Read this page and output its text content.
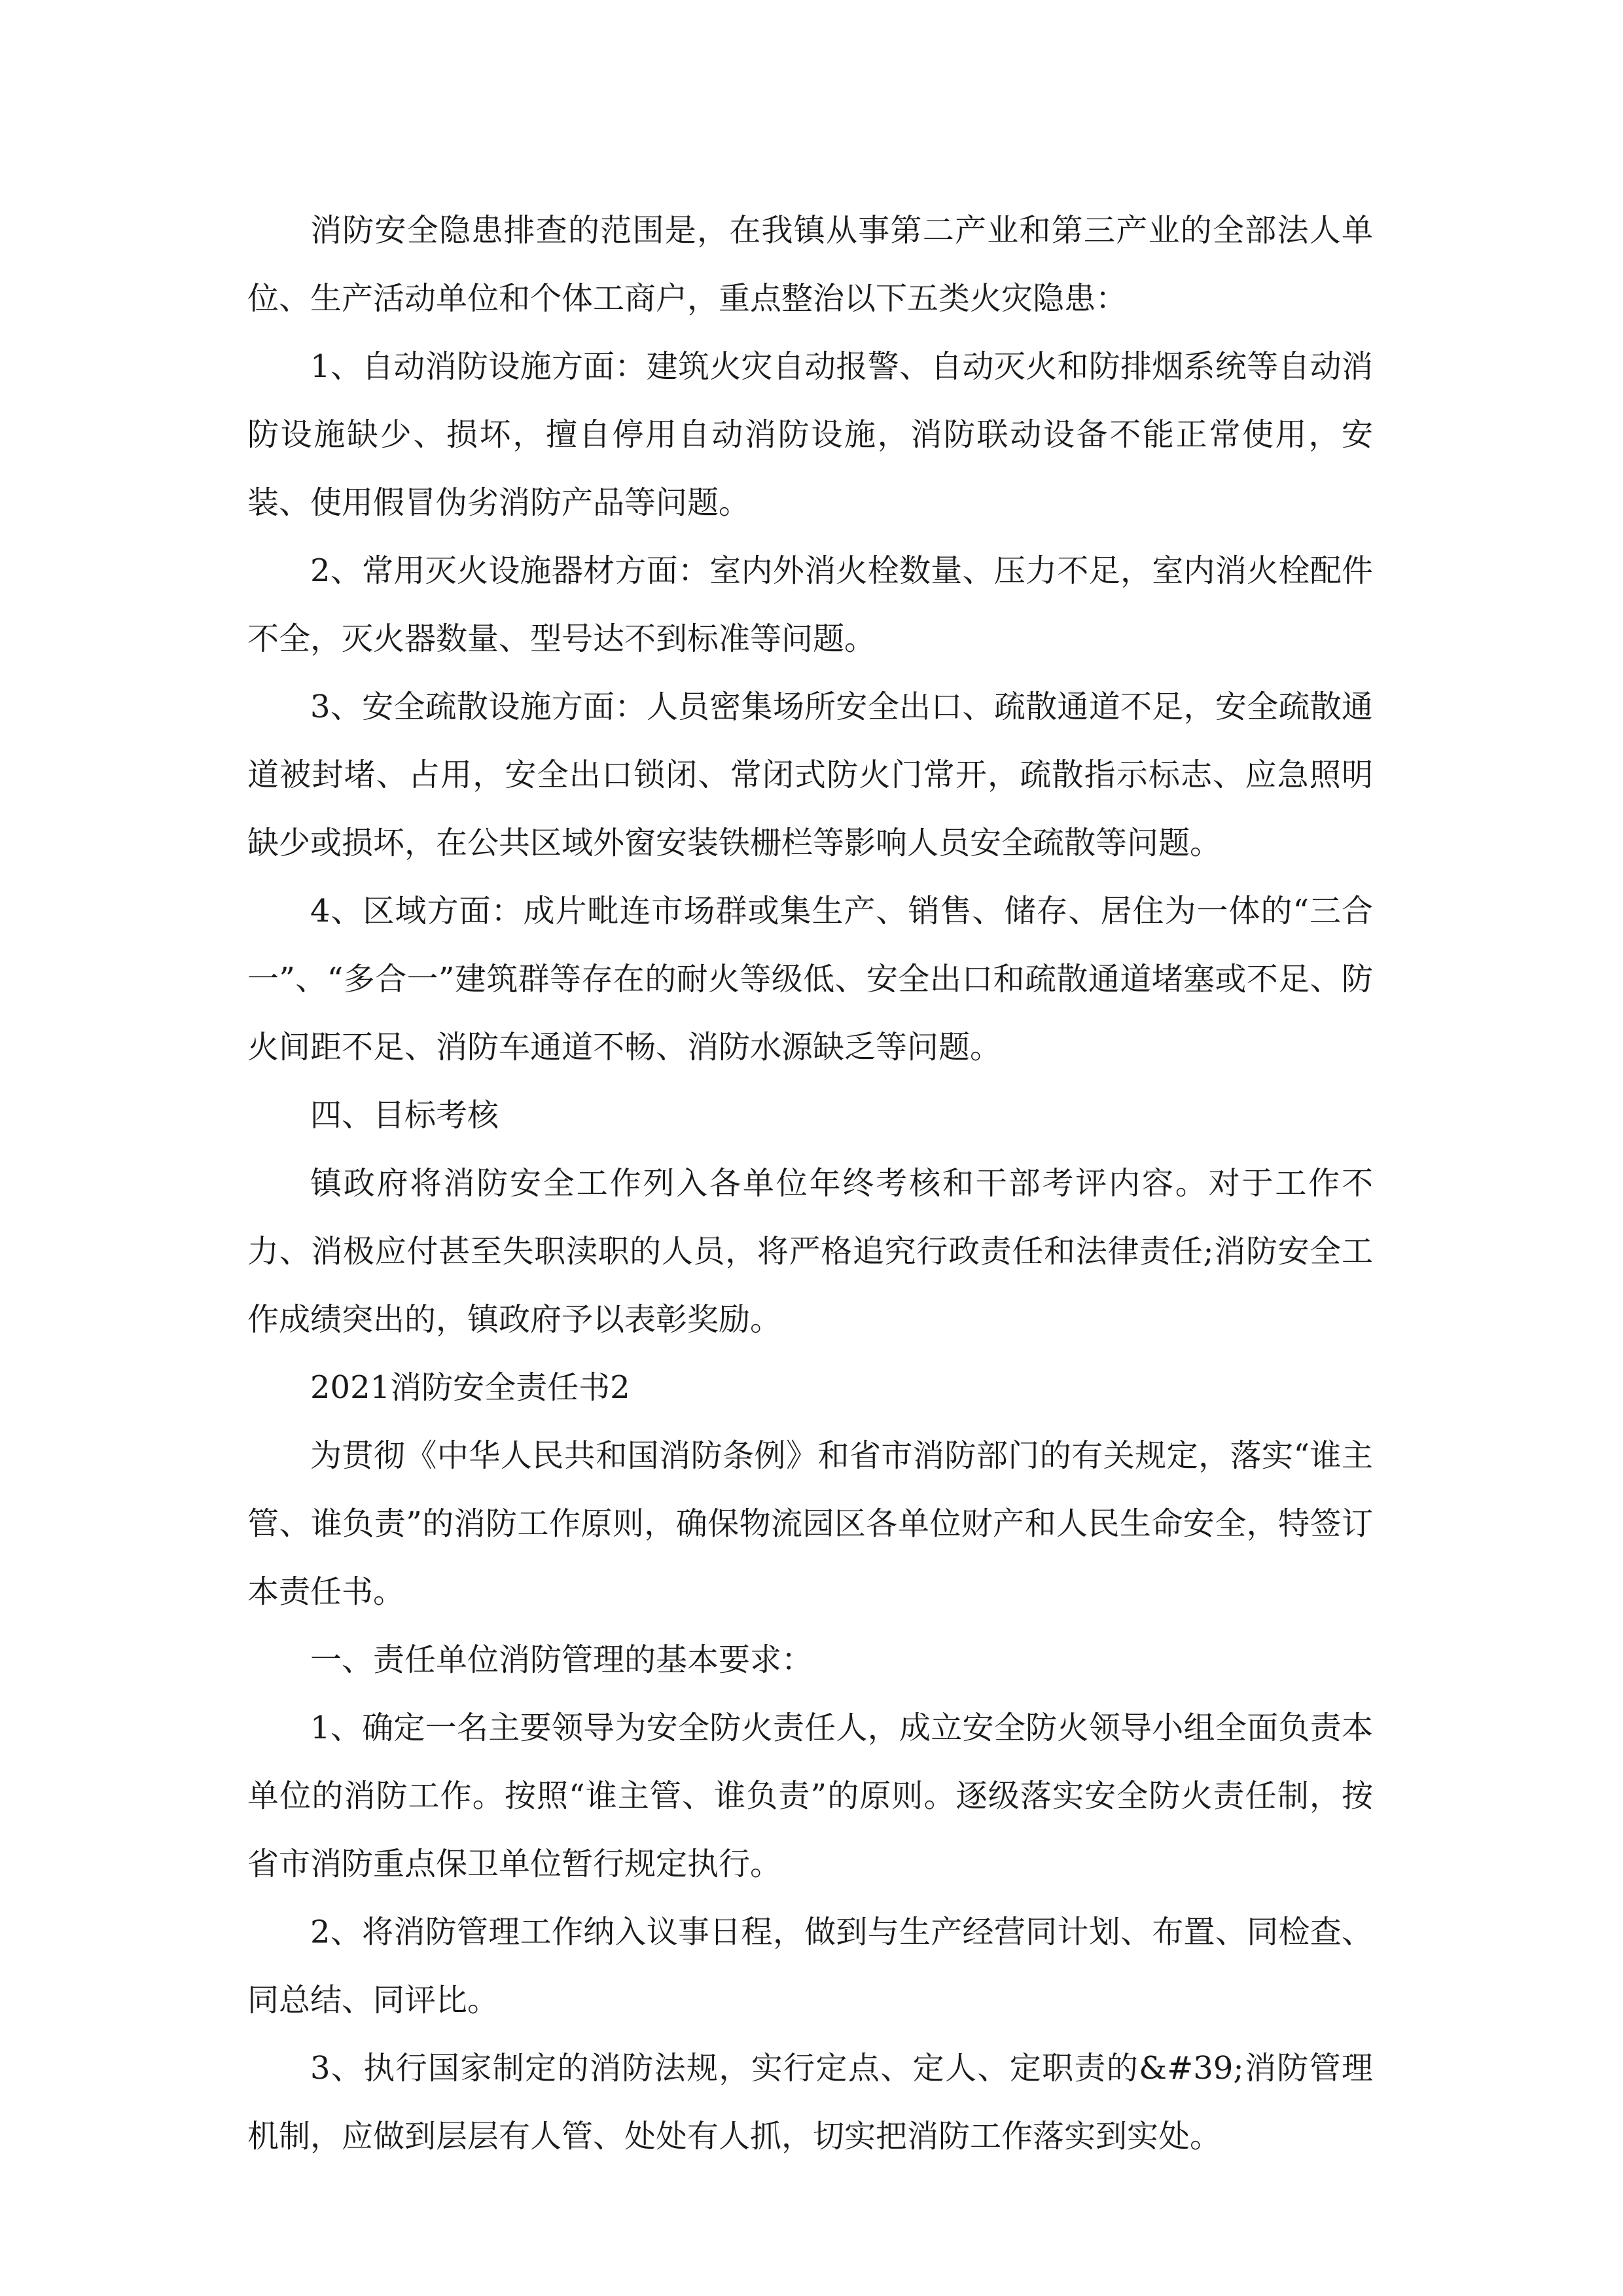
消防安全隐患排查的范围是，在我镇从事第二产业和第三产业的全部法人单位、生产活动单位和个体工商户，重点整治以下五类火灾隐患：

1、自动消防设施方面：建筑火灾自动报警、自动灭火和防排烟系统等自动消防设施缺少、损坏，擅自停用自动消防设施，消防联动设备不能正常使用，安装、使用假冒伪劣消防产品等问题。

2、常用灭火设施器材方面：室内外消火栓数量、压力不足，室内消火栓配件不全，灭火器数量、型号达不到标准等问题。

3、安全疏散设施方面：人员密集场所安全出口、疏散通道不足，安全疏散通道被封堵、占用，安全出口锁闭、常闭式防火门常开，疏散指示标志、应急照明缺少或损坏，在公共区域外窗安装铁栅栏等影响人员安全疏散等问题。

4、区域方面：成片毗连市场群或集生产、销售、储存、居住为一体的“三合一”、“多合一”建筑群等存在的耐火等级低、安全出口和疏散通道堵塞或不足、防火间距不足、消防车通道不畅、消防水源缺乏等问题。

四、目标考核

镇政府将消防安全工作列入各单位年终考核和干部考评内容。对于工作不力、消极应付甚至失职渎职的人员，将严格追究行政责任和法律责任;消防安全工作成绩突出的，镇政府予以表彰奖励。

2021消防安全责任书2

为贯彻《中华人民共和国消防条例》和省市消防部门的有关规定，落实“谁主管、谁负责”的消防工作原则，确保物流园区各单位财产和人民生命安全，特签订本责任书。

一、责任单位消防管理的基本要求：

1、确定一名主要领导为安全防火责任人，成立安全防火领导小组全面负责本单位的消防工作。按照“谁主管、谁负责”的原则。逐级落实安全防火责任制，按省市消防重点保卫单位暂行规定执行。

2、将消防管理工作纳入议事日程，做到与生产经营同计划、布置、同检查、同总结、同评比。

3、执行国家制定的消防法规，实行定点、定人、定职责的&#39;消防管理机制，应做到层层有人管、处处有人抓，切实把消防工作落实到实处。
